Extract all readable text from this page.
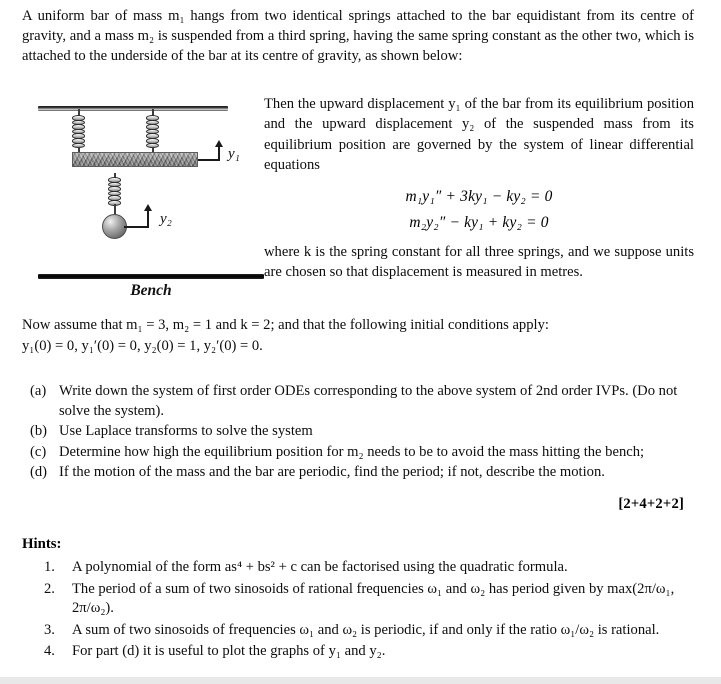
A uniform bar of mass m₁ hangs from two identical springs attached to the bar equidistant from its centre of gravity, and a mass m₂ is suspended from a third spring, having the same spring constant as the other two, which is attached to the underside of the bar at its centre of gravity, as shown below:
y₁
y₂
Bench
Then the upward displacement y₁ of the bar from its equilibrium position and the upward displacement y₂ of the suspended mass from its equilibrium position are governed by the system of linear differential equations
m₁y₁″ + 3ky₁ − ky₂ = 0
m₂y₂″ − ky₁ + ky₂ = 0
where k is the spring constant for all three springs, and we suppose units are chosen so that displacement is measured in metres.
Now assume that m₁ = 3, m₂ = 1 and k = 2; and that the following initial conditions apply:
y₁(0) = 0, y₁′(0) = 0, y₂(0) = 1, y₂′(0) = 0.
(a) Write down the system of first order ODEs corresponding to the above system of 2nd order IVPs. (Do not solve the system).
(b) Use Laplace transforms to solve the system
(c) Determine how high the equilibrium position for m₂ needs to be to avoid the mass hitting the bench;
(d) If the motion of the mass and the bar are periodic, find the period; if not, describe the motion.
[2+4+2+2]
Hints:
1.	A polynomial of the form as⁴ + bs² + c can be factorised using the quadratic formula.
2.	The period of a sum of two sinosoids of rational frequencies ω₁ and ω₂ has period given by max(2π/ω₁, 2π/ω₂).
3.	A sum of two sinosoids of frequencies ω₁ and ω₂ is periodic, if and only if the ratio ω₁/ω₂ is rational.
4.	For part (d) it is useful to plot the graphs of y₁ and y₂.
